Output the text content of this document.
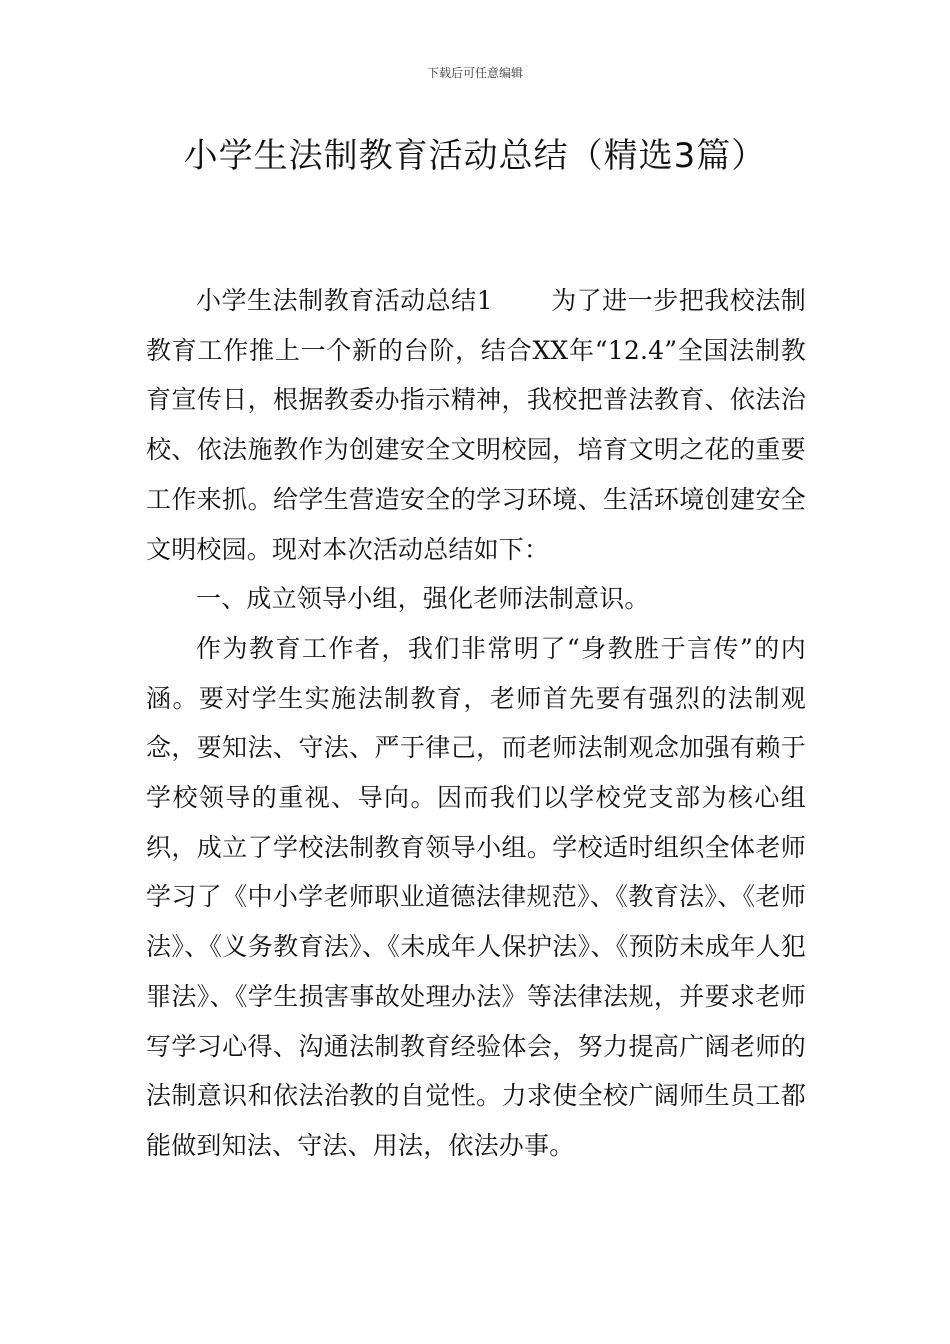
下载后可任意编辑
小学生法制教育活动总结（精选3篇）

小学生法制教育活动总结1 为了进一步把我校法制教育工作推上一个新的台阶，结合XX年“12.4”全国法制教育宣传日，根据教委办指示精神，我校把普法教育、依法治校、依法施教作为创建安全文明校园，培育文明之花的重要工作来抓。给学生营造安全的学习环境、生活环境创建安全文明校园。现对本次活动总结如下：

一、成立领导小组，强化老师法制意识。

作为教育工作者，我们非常明了“身教胜于言传”的内涵。要对学生实施法制教育，老师首先要有强烈的法制观念，要知法、守法、严于律己，而老师法制观念加强有赖于学校领导的重视、导向。因而我们以学校党支部为核心组织，成立了学校法制教育领导小组。学校适时组织全体老师学习了《中小学老师职业道德法律规范》、《教育法》、《老师法》、《义务教育法》、《未成年人保护法》、《预防未成年人犯罪法》、《学生损害事故处理办法》等法律法规，并要求老师写学习心得、沟通法制教育经验体会，努力提高广阔老师的法制意识和依法治教的自觉性。力求使全校广阔师生员工都能做到知法、守法、用法，依法办事。
